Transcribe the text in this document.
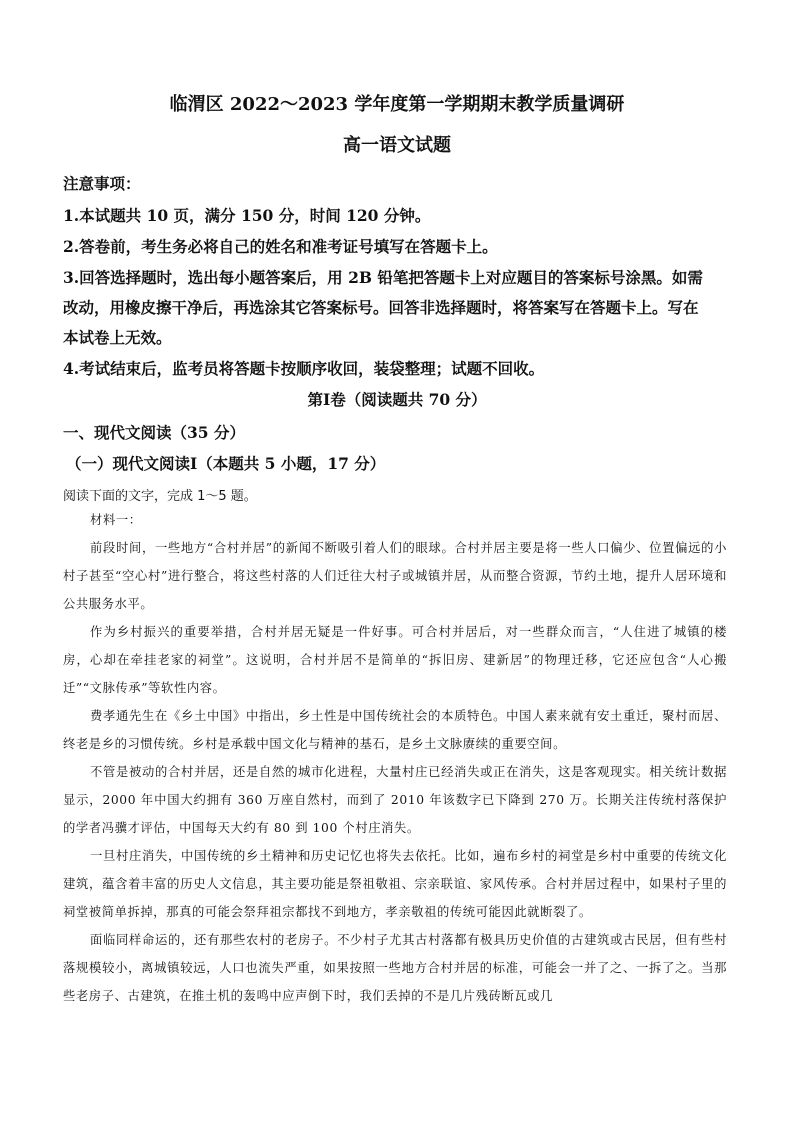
临渭区 2022～2023 学年度第一学期期末教学质量调研
高一语文试题
注意事项：
1.本试题共 10 页，满分 150 分，时间 120 分钟。
2.答卷前，考生务必将自己的姓名和准考证号填写在答题卡上。
3.回答选择题时，选出每小题答案后，用 2B 铅笔把答题卡上对应题目的答案标号涂黑。如需
改动，用橡皮擦干净后，再选涂其它答案标号。回答非选择题时，将答案写在答题卡上。写在
本试卷上无效。
4.考试结束后，监考员将答题卡按顺序收回，装袋整理；试题不回收。
第Ⅰ卷（阅读题共 70 分）
一、现代文阅读（35 分）
（一）现代文阅读Ⅰ（本题共 5 小题，17 分）
阅读下面的文字，完成 1～5 题。

材料一：

前段时间，一些地方“合村并居”的新闻不断吸引着人们的眼球。合村并居主要是将一些人口偏少、位置偏远的小村子甚至“空心村”进行整合，将这些村落的人们迁往大村子或城镇并居，从而整合资源，节约土地，提升人居环境和公共服务水平。

作为乡村振兴的重要举措，合村并居无疑是一件好事。可合村并居后，对一些群众而言，“人住进了城镇的楼房，心却在牵挂老家的祠堂”。这说明，合村并居不是简单的“拆旧房、建新居”的物理迁移，它还应包含“人心搬迁”“文脉传承”等软性内容。

费孝通先生在《乡土中国》中指出，乡土性是中国传统社会的本质特色。中国人素来就有安土重迁，聚村而居、终老是乡的习惯传统。乡村是承载中国文化与精神的基石，是乡土文脉赓续的重要空间。

不管是被动的合村并居，还是自然的城市化进程，大量村庄已经消失或正在消失，这是客观现实。相关统计数据显示，2000 年中国大约拥有 360 万座自然村，而到了 2010 年该数字已下降到 270 万。长期关注传统村落保护的学者冯骥才评估，中国每天大约有 80 到 100 个村庄消失。

一旦村庄消失，中国传统的乡土精神和历史记忆也将失去依托。比如，遍布乡村的祠堂是乡村中重要的传统文化建筑，蕴含着丰富的历史人文信息，其主要功能是祭祖敬祖、宗亲联谊、家风传承。合村并居过程中，如果村子里的祠堂被简单拆掉，那真的可能会祭拜祖宗都找不到地方，孝亲敬祖的传统可能因此就断裂了。

面临同样命运的，还有那些农村的老房子。不少村子尤其古村落都有极具历史价值的古建筑或古民居，但有些村落规模较小，离城镇较远，人口也流失严重，如果按照一些地方合村并居的标准，可能会一并了之、一拆了之。当那些老房子、古建筑，在推土机的轰鸣中应声倒下时，我们丢掉的不是几片残砖断瓦或几
